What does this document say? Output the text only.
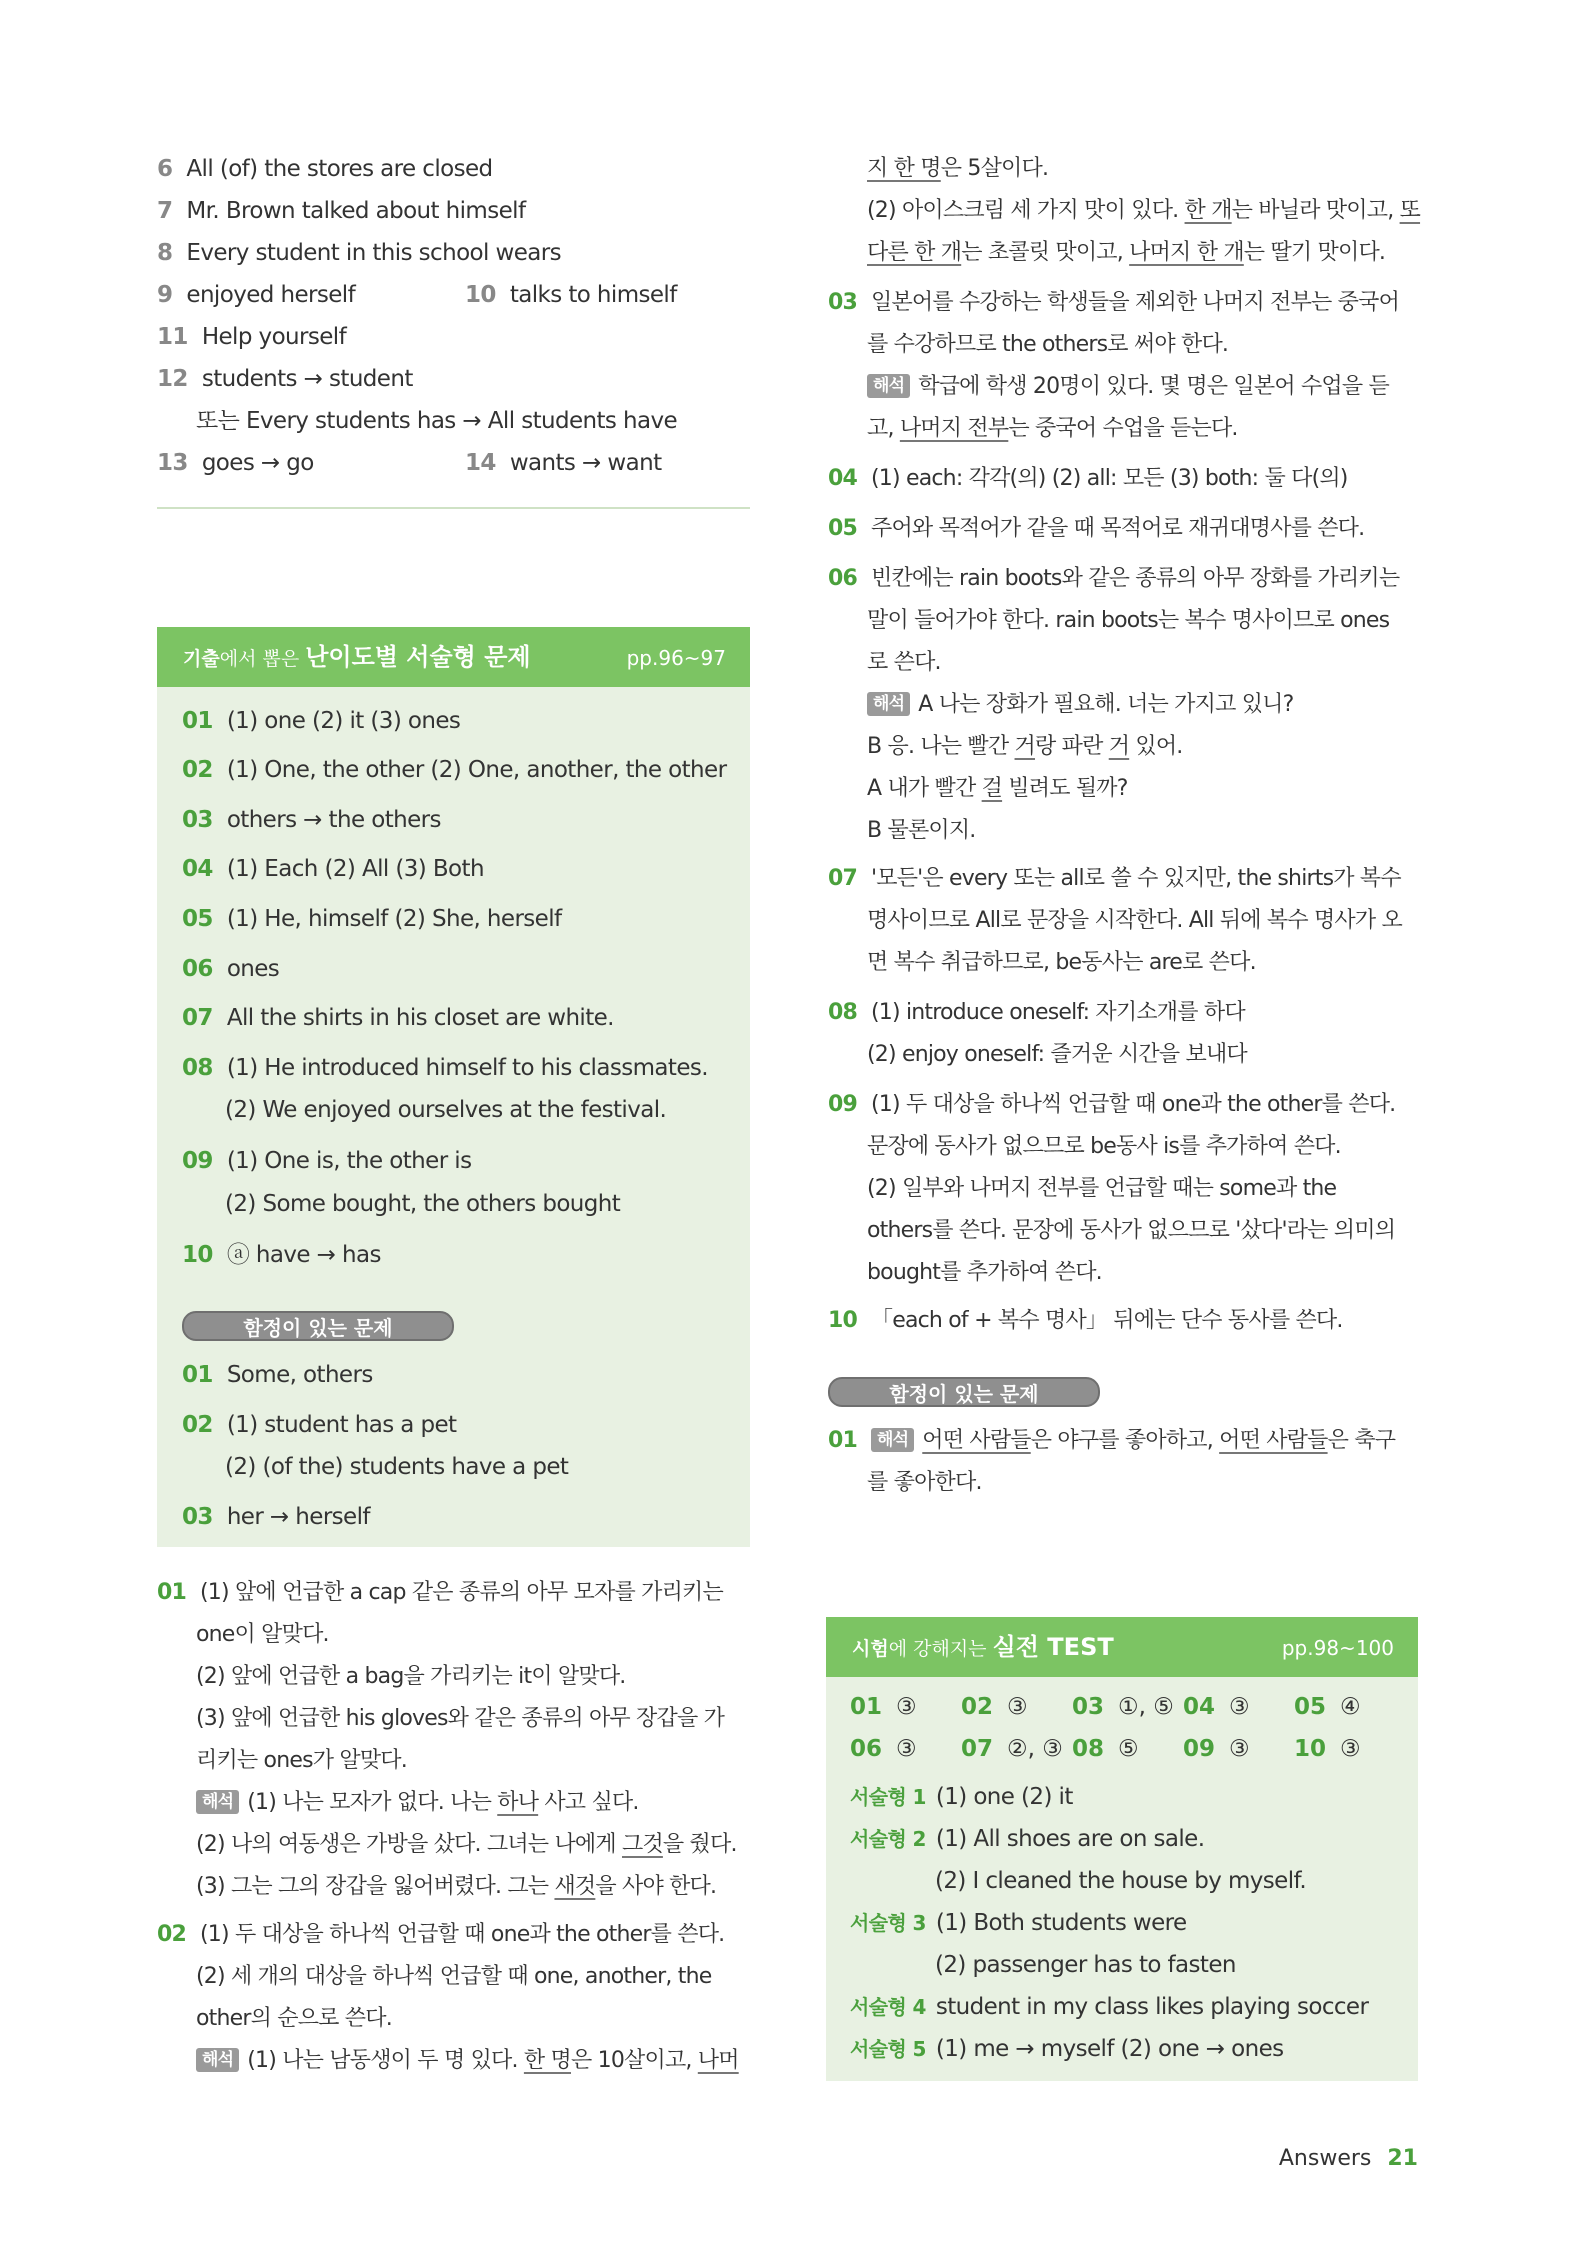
6 All (of) the stores are closed
7 Mr. Brown talked about himself
8 Every student in this school wears
9 enjoyed herself	10 talks to himself
11 Help yourself
12 students → student
또는 Every students has → All students have
13 goes → go	14 wants → want
기출에서 뽑은 난이도별 서술형 문제	pp.96~97
01 (1) one (2) it (3) ones
02 (1) One, the other (2) One, another, the other
03 others → the others
04 (1) Each (2) All (3) Both
05 (1) He, himself (2) She, herself
06 ones
07 All the shirts in his closet are white.
08 (1) He introduced himself to his classmates.
(2) We enjoyed ourselves at the festival.
09 (1) One is, the other is
(2) Some bought, the others bought
10 ⓐ have → has
함정이 있는 문제
01 Some, others
02 (1) student has a pet
(2) (of the) students have a pet
03 her → herself
01 (1) 앞에 언급한 a cap 같은 종류의 아무 모자를 가리키는
one이 알맞다.
(2) 앞에 언급한 a bag을 가리키는 it이 알맞다.
(3) 앞에 언급한 his gloves와 같은 종류의 아무 장갑을 가
리키는 ones가 알맞다.
해석 (1) 나는 모자가 없다. 나는 하나 사고 싶다.
(2) 나의 여동생은 가방을 샀다. 그녀는 나에게 그것을 줬다.
(3) 그는 그의 장갑을 잃어버렸다. 그는 새것을 사야 한다.
02 (1) 두 대상을 하나씩 언급할 때 one과 the other를 쓴다.
(2) 세 개의 대상을 하나씩 언급할 때 one, another, the
other의 순으로 쓴다.
해석 (1) 나는 남동생이 두 명 있다. 한 명은 10살이고, 나머
지 한 명은 5살이다.
(2) 아이스크림 세 가지 맛이 있다. 한 개는 바닐라 맛이고, 또
다른 한 개는 초콜릿 맛이고, 나머지 한 개는 딸기 맛이다.
03 일본어를 수강하는 학생들을 제외한 나머지 전부는 중국어
를 수강하므로 the others로 써야 한다.
해석 학급에 학생 20명이 있다. 몇 명은 일본어 수업을 듣
고, 나머지 전부는 중국어 수업을 듣는다.
04 (1) each: 각각(의) (2) all: 모든 (3) both: 둘 다(의)
05 주어와 목적어가 같을 때 목적어로 재귀대명사를 쓴다.
06 빈칸에는 rain boots와 같은 종류의 아무 장화를 가리키는
말이 들어가야 한다. rain boots는 복수 명사이므로 ones
로 쓴다.
해석 A 나는 장화가 필요해. 너는 가지고 있니?
B 응. 나는 빨간 거랑 파란 거 있어.
A 내가 빨간 걸 빌려도 될까?
B 물론이지.
07 '모든'은 every 또는 all로 쓸 수 있지만, the shirts가 복수
명사이므로 All로 문장을 시작한다. All 뒤에 복수 명사가 오
면 복수 취급하므로, be동사는 are로 쓴다.
08 (1) introduce oneself: 자기소개를 하다
(2) enjoy oneself: 즐거운 시간을 보내다
09 (1) 두 대상을 하나씩 언급할 때 one과 the other를 쓴다.
문장에 동사가 없으므로 be동사 is를 추가하여 쓴다.
(2) 일부와 나머지 전부를 언급할 때는 some과 the
others를 쓴다. 문장에 동사가 없으므로 '샀다'라는 의미의
bought를 추가하여 쓴다.
10 「each of + 복수 명사」 뒤에는 단수 동사를 쓴다.
함정이 있는 문제
01 해석 어떤 사람들은 야구를 좋아하고, 어떤 사람들은 축구
를 좋아한다.
시험에 강해지는 실전 TEST	pp.98~100
01 ③ 02 ③ 03 ①, ⑤ 04 ③ 05 ④
06 ③ 07 ②, ③ 08 ⑤ 09 ③ 10 ③
서술형 1 (1) one (2) it
서술형 2 (1) All shoes are on sale.
(2) I cleaned the house by myself.
서술형 3 (1) Both students were
(2) passenger has to fasten
서술형 4 student in my class likes playing soccer
서술형 5 (1) me → myself (2) one → ones
Answers 21
